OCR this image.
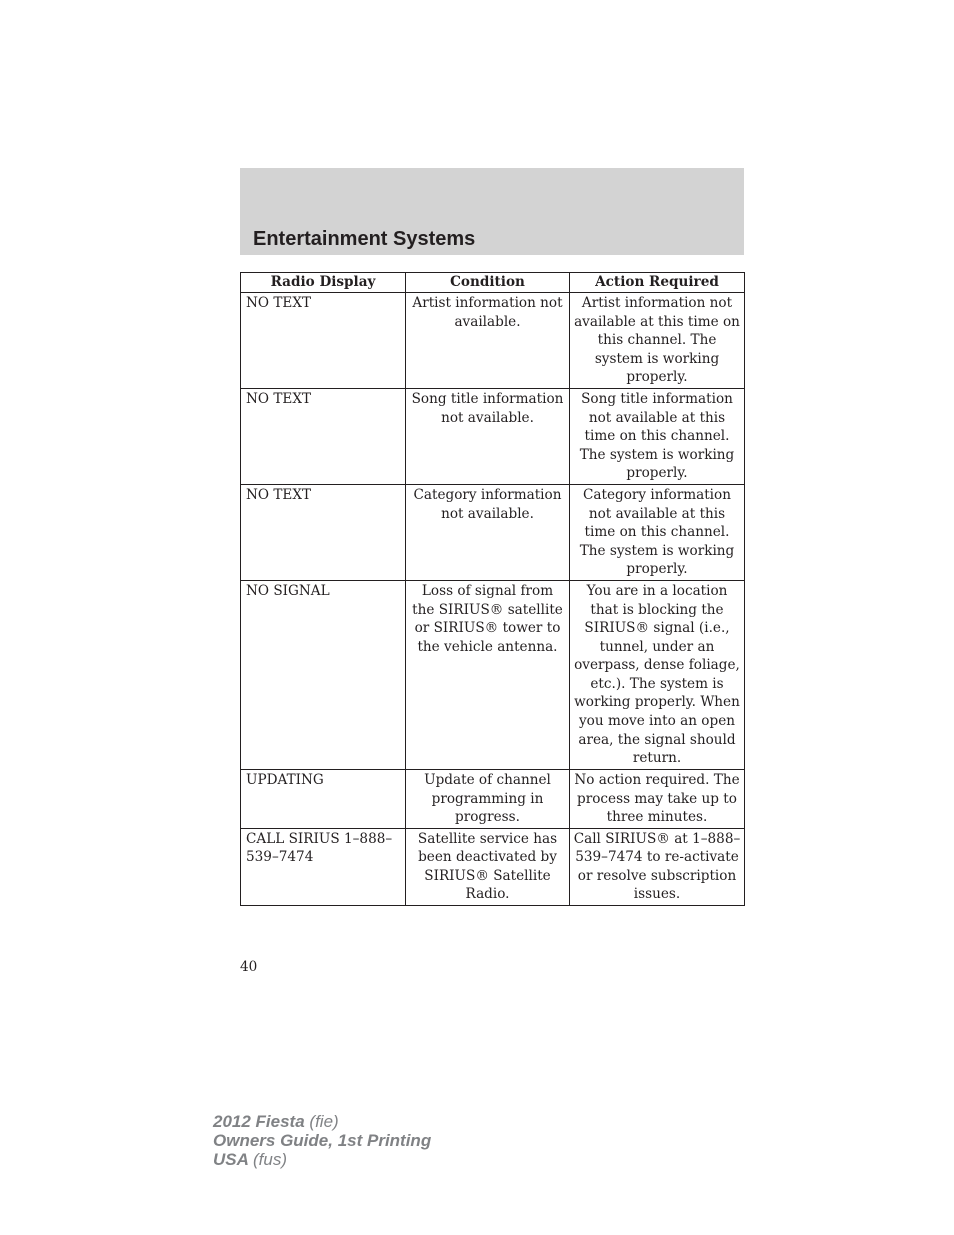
Entertainment Systems
Radio Display	Condition	Action Required
NO TEXT	Artist information not available.	Artist information not available at this time on this channel. The system is working properly.
NO TEXT	Song title information not available.	Song title information not available at this time on this channel. The system is working properly.
NO TEXT	Category information not available.	Category information not available at this time on this channel. The system is working properly.
NO SIGNAL	Loss of signal from the SIRIUS® satellite or SIRIUS® tower to the vehicle antenna.	You are in a location that is blocking the SIRIUS® signal (i.e., tunnel, under an overpass, dense foliage, etc.). The system is working properly. When you move into an open area, the signal should return.
UPDATING	Update of channel programming in progress.	No action required. The process may take up to three minutes.
CALL SIRIUS 1–888–539–7474	Satellite service has been deactivated by SIRIUS® Satellite Radio.	Call SIRIUS® at 1–888–539–7474 to re-activate or resolve subscription issues.
40
2012 Fiesta (fie)
Owners Guide, 1st Printing
USA (fus)
